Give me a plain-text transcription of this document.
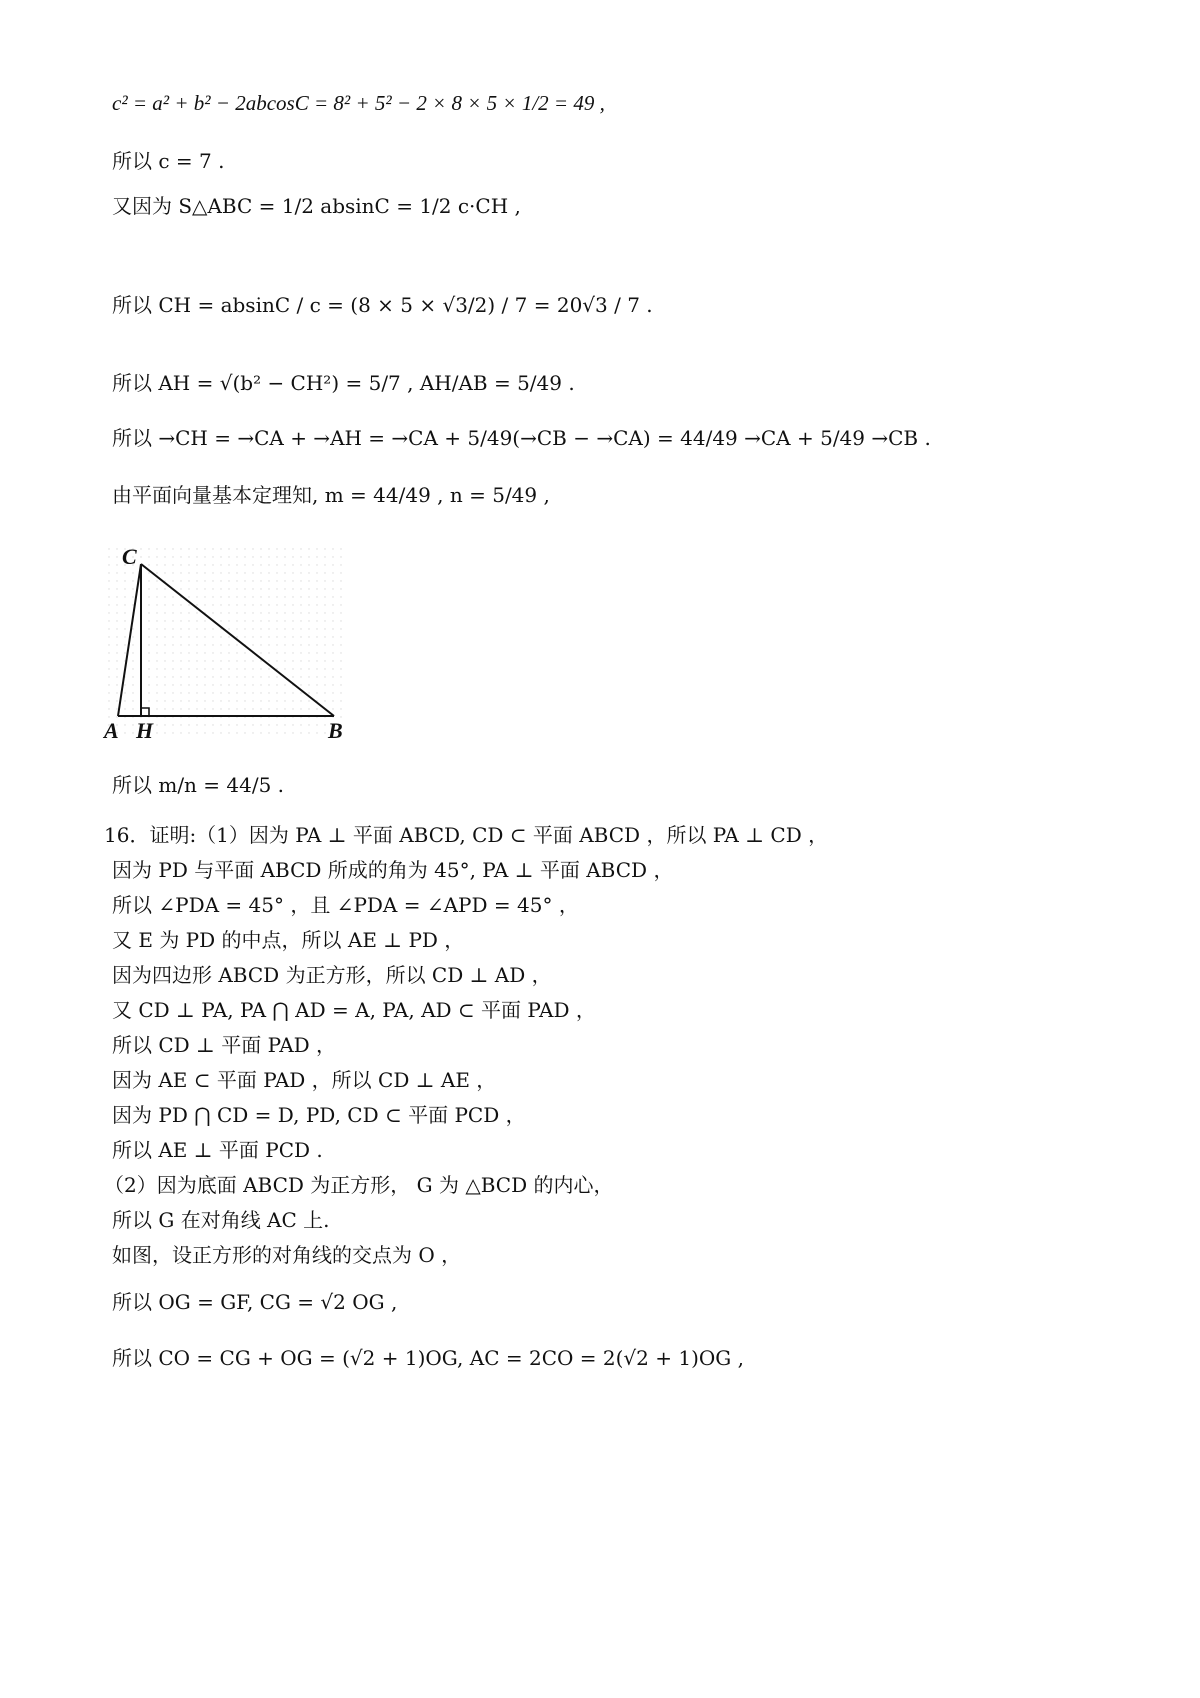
c² = a² + b² − 2abcosC = 8² + 5² − 2 × 8 × 5 × 1/2 = 49 ,
所以 c = 7 .
又因为 S△ABC = 1/2 absinC = 1/2 c·CH ,
所以 CH = absinC / c = (8 × 5 × √3/2) / 7 = 20√3 / 7 .
所以 AH = √(b² − CH²) = 5/7 , AH/AB = 5/49 .
所以 →CH = →CA + →AH = →CA + 5/49(→CB − →CA) = 44/49 →CA + 5/49 →CB .
由平面向量基本定理知, m = 44/49 , n = 5/49 ,
C
A H	B
所以 m/n = 44/5 .
16．证明:（1）因为 PA ⊥ 平面 ABCD, CD ⊂ 平面 ABCD ，所以 PA ⊥ CD ，
因为 PD 与平面 ABCD 所成的角为 45°, PA ⊥ 平面 ABCD ，
所以 ∠PDA = 45° ，且 ∠PDA = ∠APD = 45° ，
又 E 为 PD 的中点，所以 AE ⊥ PD ，
因为四边形 ABCD 为正方形，所以 CD ⊥ AD ，
又 CD ⊥ PA, PA ⋂ AD = A, PA, AD ⊂ 平面 PAD ，
所以 CD ⊥ 平面 PAD ，
因为 AE ⊂ 平面 PAD ，所以 CD ⊥ AE ，
因为 PD ⋂ CD = D, PD, CD ⊂ 平面 PCD ，
所以 AE ⊥ 平面 PCD .
（2）因为底面 ABCD 为正方形， G 为 △BCD 的内心，
所以 G 在对角线 AC 上.
如图，设正方形的对角线的交点为 O ，
所以 OG = GF, CG = √2 OG ,
所以 CO = CG + OG = (√2 + 1)OG, AC = 2CO = 2(√2 + 1)OG ,
